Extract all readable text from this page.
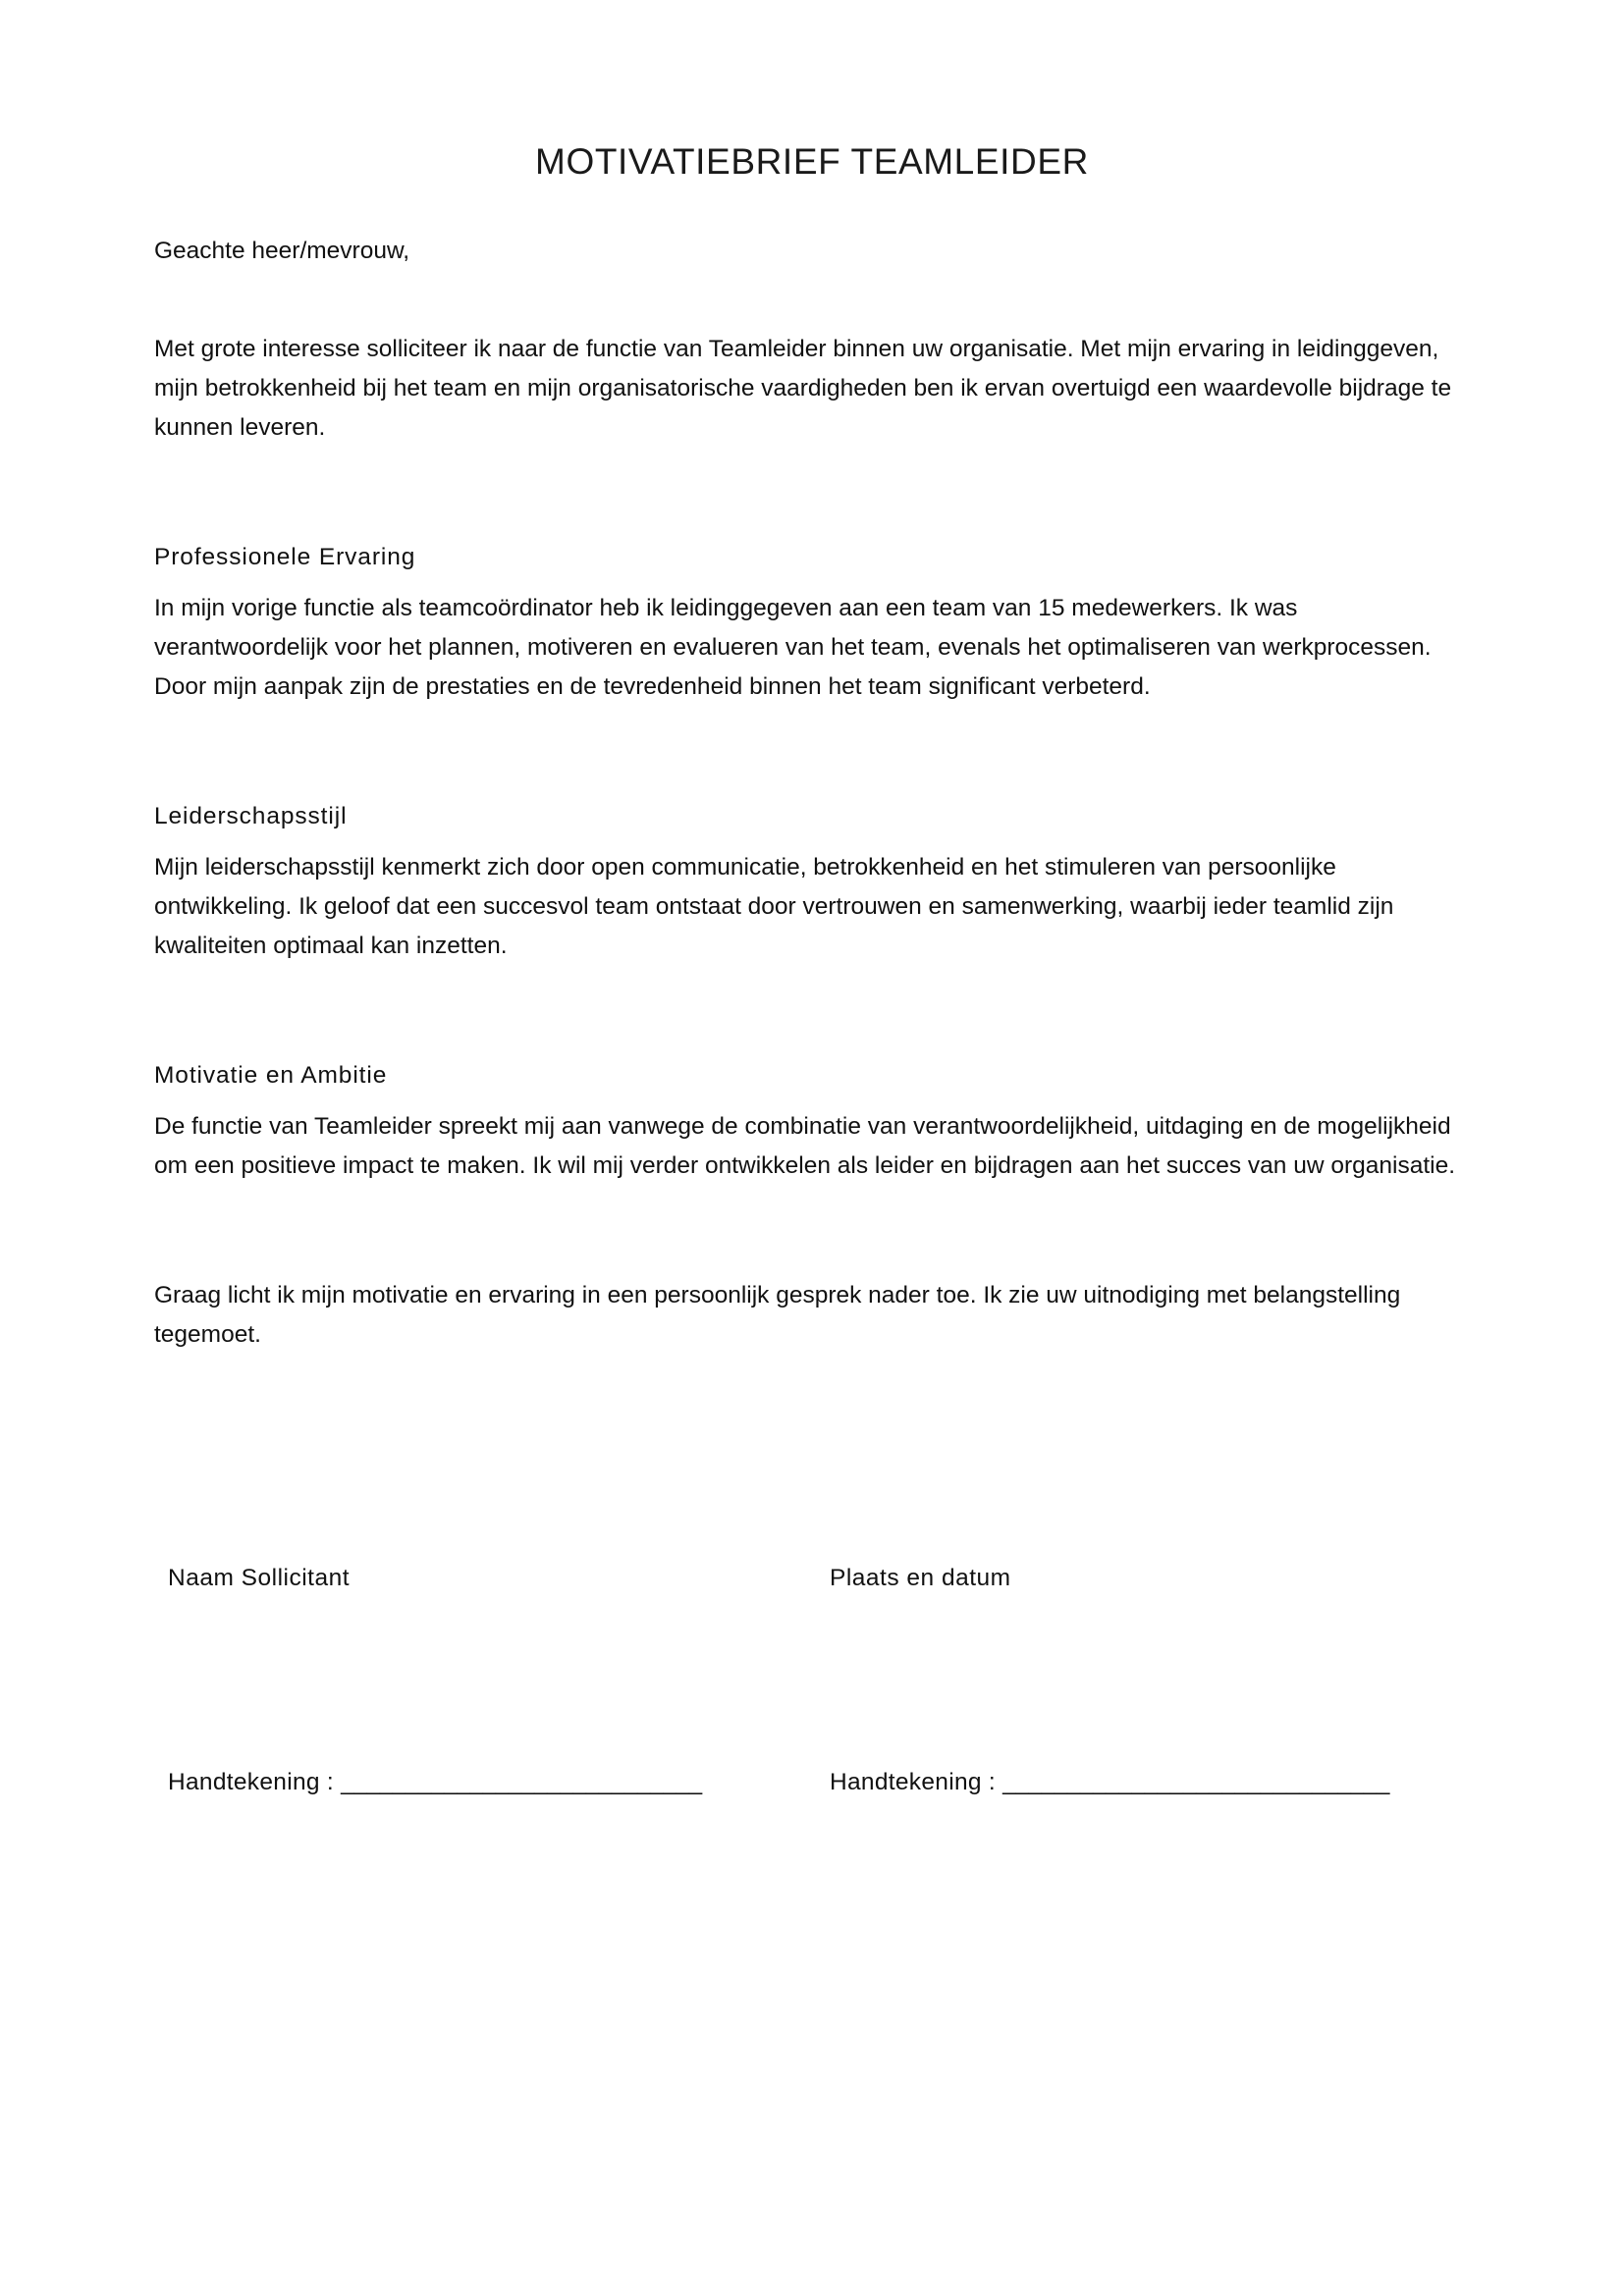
MOTIVATIEBRIEF TEAMLEIDER

Geachte heer/mevrouw,

Met grote interesse solliciteer ik naar de functie van Teamleider binnen uw organisatie. Met mijn ervaring in leidinggeven, mijn betrokkenheid bij het team en mijn organisatorische vaardigheden ben ik ervan overtuigd een waardevolle bijdrage te kunnen leveren.

Professionele Ervaring

In mijn vorige functie als teamcoördinator heb ik leidinggegeven aan een team van 15 medewerkers. Ik was verantwoordelijk voor het plannen, motiveren en evalueren van het team, evenals het optimaliseren van werkprocessen. Door mijn aanpak zijn de prestaties en de tevredenheid binnen het team significant verbeterd.

Leiderschapsstijl

Mijn leiderschapsstijl kenmerkt zich door open communicatie, betrokkenheid en het stimuleren van persoonlijke ontwikkeling. Ik geloof dat een succesvol team ontstaat door vertrouwen en samenwerking, waarbij ieder teamlid zijn kwaliteiten optimaal kan inzetten.

Motivatie en Ambitie

De functie van Teamleider spreekt mij aan vanwege de combinatie van verantwoordelijkheid, uitdaging en de mogelijkheid om een positieve impact te maken. Ik wil mij verder ontwikkelen als leider en bijdragen aan het succes van uw organisatie.

Graag licht ik mijn motivatie en ervaring in een persoonlijk gesprek nader toe. Ik zie uw uitnodiging met belangstelling tegemoet.

Naam Sollicitant	Plaats en datum
Handtekening : ____________________________	Handtekening : ______________________________
